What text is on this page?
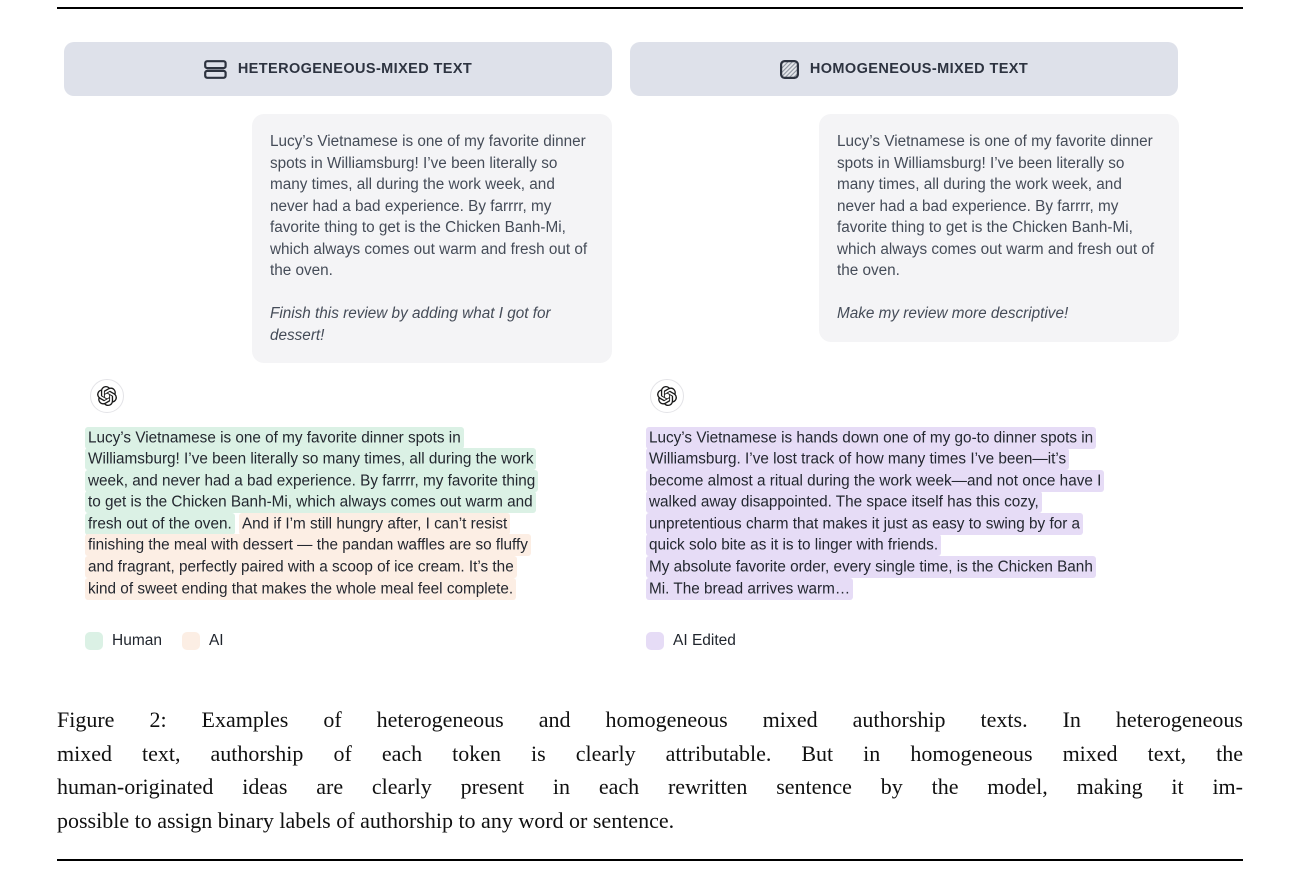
HETEROGENEOUS-MIXED TEXT

Lucy’s Vietnamese is one of my favorite dinner spots in Williamsburg! I’ve been literally so many times, all during the work week, and never had a bad experience. By farrrr, my favorite thing to get is the Chicken Banh-Mi, which always comes out warm and fresh out of the oven.

Finish this review by adding what I got for dessert!

Lucy’s Vietnamese is one of my favorite dinner spots in
Williamsburg! I’ve been literally so many times, all during the work
week, and never had a bad experience. By farrrr, my favorite thing
to get is the Chicken Banh-Mi, which always comes out warm and
fresh out of the oven. And if I’m still hungry after, I can’t resist
finishing the meal with dessert — the pandan waffles are so fluffy
and fragrant, perfectly paired with a scoop of ice cream. It’s the
kind of sweet ending that makes the whole meal feel complete.
Human	AI
HOMOGENEOUS-MIXED TEXT

Lucy’s Vietnamese is one of my favorite dinner spots in Williamsburg! I’ve been literally so many times, all during the work week, and never had a bad experience. By farrrr, my favorite thing to get is the Chicken Banh-Mi, which always comes out warm and fresh out of the oven.

Make my review more descriptive!

Lucy’s Vietnamese is hands down one of my go-to dinner spots in
Williamsburg. I’ve lost track of how many times I’ve been—it’s
become almost a ritual during the work week—and not once have I
walked away disappointed. The space itself has this cozy,
unpretentious charm that makes it just as easy to swing by for a
quick solo bite as it is to linger with friends.
My absolute favorite order, every single time, is the Chicken Banh
Mi. The bread arrives warm…
AI Edited
Figure 2: Examples of heterogeneous and homogeneous mixed authorship texts. In heterogeneous
mixed text, authorship of each token is clearly attributable. But in homogeneous mixed text, the
human-originated ideas are clearly present in each rewritten sentence by the model, making it im-
possible to assign binary labels of authorship to any word or sentence.
